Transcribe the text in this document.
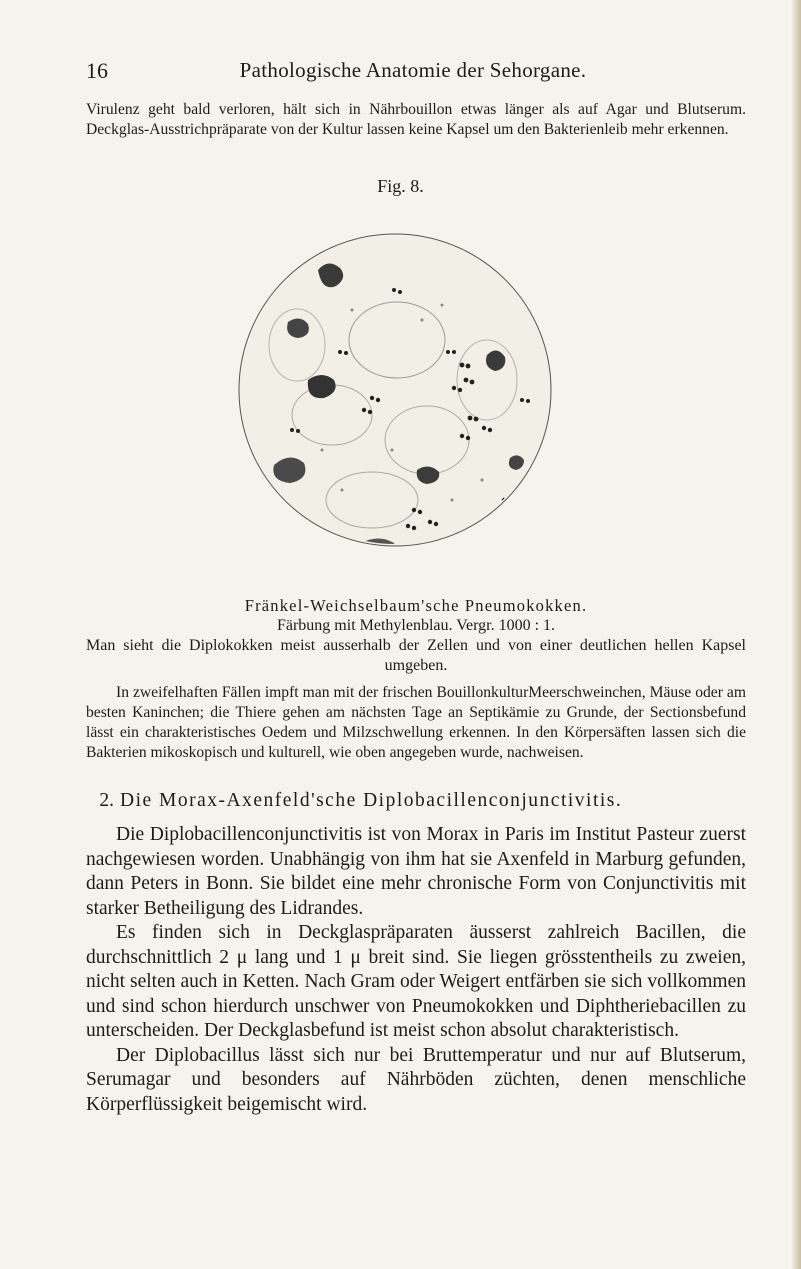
16	Pathologische Anatomie der Sehorgane.
Virulenz geht bald verloren, hält sich in Nährbouillon etwas länger als auf Agar und Blutserum. Deckglas-Ausstrichpräparate von der Kultur lassen keine Kapsel um den Bakterienleib mehr erkennen.
Fig. 8.
Fränkel-Weichselbaum'sche Pneumokokken.
Färbung mit Methylenblau. Vergr. 1000 : 1.
Man sieht die Diplokokken meist ausserhalb der Zellen und von einer deutlichen hellen Kapsel umgeben.
In zweifelhaften Fällen impft man mit der frischen BouillonkulturMeerschweinchen, Mäuse oder am besten Kaninchen; die Thiere gehen am nächsten Tage an Septikämie zu Grunde, der Sectionsbefund lässt ein charakteristisches Oedem und Milzschwellung erkennen. In den Körpersäften lassen sich die Bakterien mikoskopisch und kulturell, wie oben angegeben wurde, nachweisen.
2. Die Morax-Axenfeld'sche Diplobacillenconjunctivitis.

Die Diplobacillenconjunctivitis ist von Morax in Paris im Institut Pasteur zuerst nachgewiesen worden. Unabhängig von ihm hat sie Axenfeld in Marburg gefunden, dann Peters in Bonn. Sie bildet eine mehr chronische Form von Conjunctivitis mit starker Betheiligung des Lidrandes.

Es finden sich in Deckglaspräparaten äusserst zahlreich Bacillen, die durchschnittlich 2 μ lang und 1 μ breit sind. Sie liegen grösstentheils zu zweien, nicht selten auch in Ketten. Nach Gram oder Weigert entfärben sie sich vollkommen und sind schon hierdurch unschwer von Pneumokokken und Diphtheriebacillen zu unterscheiden. Der Deckglasbefund ist meist schon absolut charakteristisch.

Der Diplobacillus lässt sich nur bei Bruttemperatur und nur auf Blutserum, Serumagar und besonders auf Nährböden züchten, denen menschliche Körperflüssigkeit beigemischt wird.
